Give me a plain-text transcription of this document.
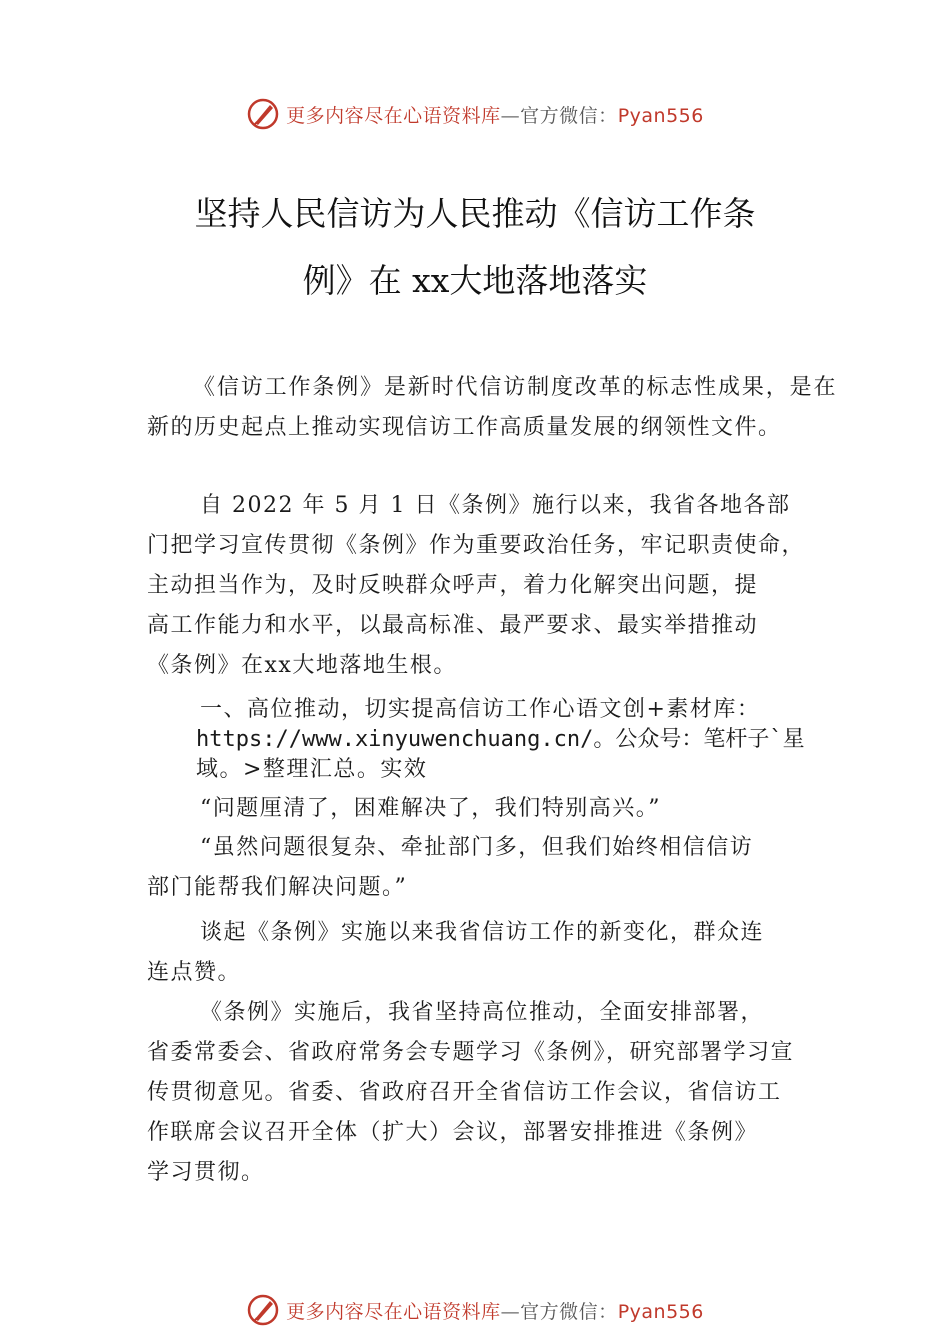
更多内容尽在心语资料库—官方微信：Pyan556
坚持人民信访为人民推动《信访工作条
例》在 xx大地落地落实

《信访工作条例》是新时代信访制度改革的标志性成果，是在新的历史起点上推动实现信访工作高质量发展的纲领性文件。

自 2022 年 5 月 1 日《条例》施行以来，我省各地各部
门把学习宣传贯彻《条例》作为重要政治任务，牢记职责使命，
主动担当作为，及时反映群众呼声，着力化解突出问题，提
高工作能力和水平，以最高标准、最严要求、最实举措推动
《条例》在xx大地落地生根。
一、高位推动，切实提高信访工作心语文创+素材库：
https://www.xinyuwenchuang.cn/。公众号：笔杆子`星
域。>整理汇总。实效
“问题厘清了，困难解决了，我们特别高兴。”
“虽然问题很复杂、牵扯部门多，但我们始终相信信访
部门能帮我们解决问题。”
谈起《条例》实施以来我省信访工作的新变化，群众连
连点赞。
《条例》实施后，我省坚持高位推动，全面安排部署，
省委常委会、省政府常务会专题学习《条例》，研究部署学习宣
传贯彻意见。省委、省政府召开全省信访工作会议，省信访工
作联席会议召开全体（扩大）会议，部署安排推进《条例》
学习贯彻。
更多内容尽在心语资料库—官方微信：Pyan556
